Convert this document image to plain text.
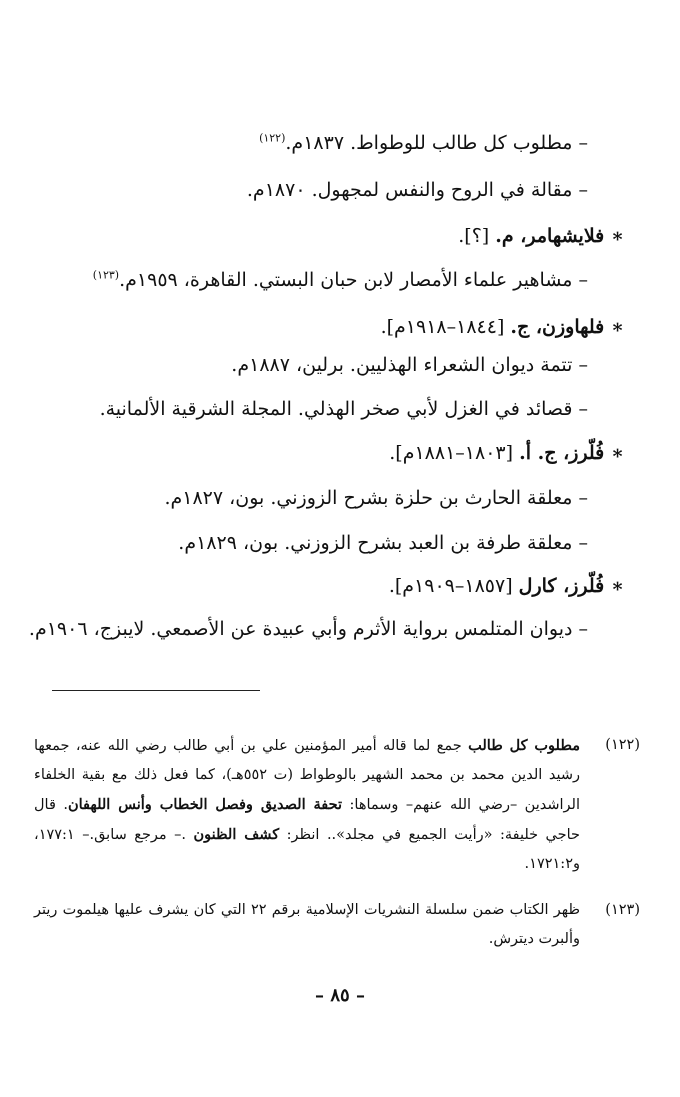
– مطلوب كل طالب للوطواط. ١٨٣٧م.$^{(١٢٢)}$
– مقالة في الروح والنفس لمجهول. ١٨٧٠م.
∗ فلايشهامر، م. [؟].
– مشاهير علماء الأمصار لابن حبان البستي. القاهرة، ١٩٥٩م.$^{(١٢٣)}$
∗ فلهاوزن، ج. [١٨٤٤–١٩١٨م].
– تتمة ديوان الشعراء الهذليين. برلين، ١٨٨٧م.
– قصائد في الغزل لأبي صخر الهذلي. المجلة الشرقية الألمانية.
∗ فُلّرز، ج. أ. [١٨٠٣–١٨٨١م].
– معلقة الحارث بن حلزة بشرح الزوزني. بون، ١٨٢٧م.
– معلقة طرفة بن العبد بشرح الزوزني. بون، ١٨٢٩م.
∗ فُلّرز، كارل [١٨٥٧–١٩٠٩م].
– ديوان المتلمس برواية الأثرم وأبي عبيدة عن الأصمعي. لايبزج، ١٩٠٦م.
(١٢٢)
مطلوب كل طالب جمع لما قاله أمير المؤمنين علي بن أبي طالب رضي الله عنه، جمعها رشيد الدين محمد بن محمد الشهير بالوطواط (ت ٥٥٢هـ)، كما فعل ذلك مع بقية الخلفاء الراشدين –رضي الله عنهم– وسماها: تحفة الصديق وفصل الخطاب وأنس اللهفان. قال حاجي خليفة: «رأيت الجميع في مجلد».. انظر: كشف الظنون .– مرجع سابق.– ١٧٧:١، و١٧٢١:٢.
(١٢٣)
ظهر الكتاب ضمن سلسلة النشريات الإسلامية برقم ٢٢ التي كان يشرف عليها هيلموت ريتر وألبرت ديترش.
– ٨٥ –
